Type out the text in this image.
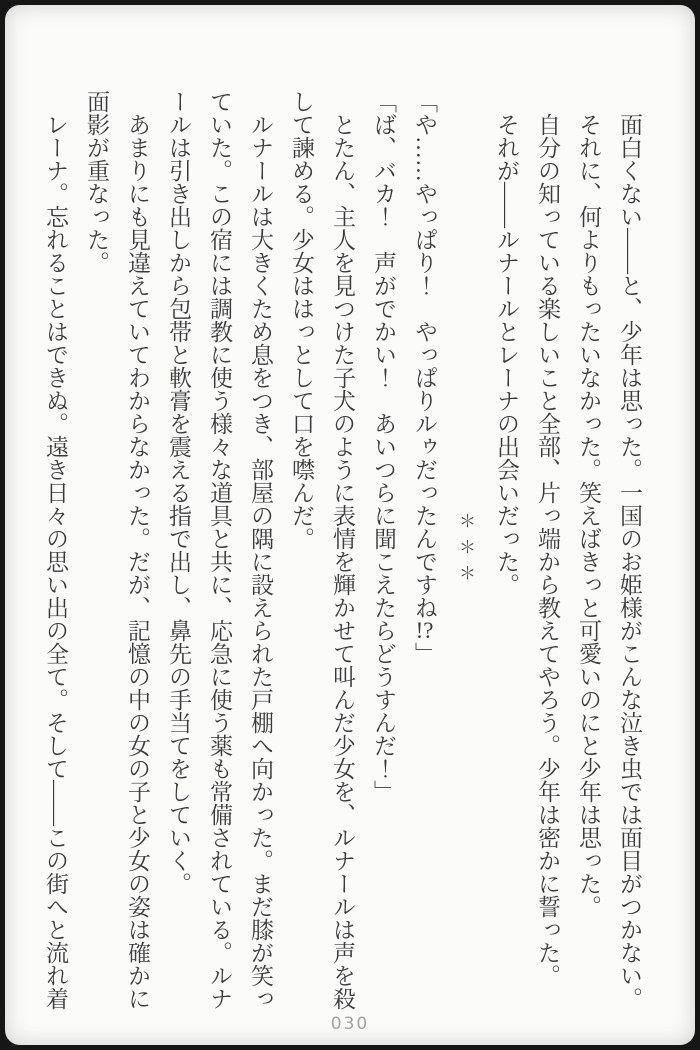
面白くない――と、少年は思った。一国のお姫様がこんな泣き虫では面目がつかない。
それに、何よりもったいなかった。笑えばきっと可愛いのにと少年は思った。
自分の知っている楽しいこと全部、片っ端から教えてやろう。少年は密かに誓った。
それが――ルナールとレーナの出会いだった。
＊＊＊
「や……やっぱり！　やっぱりルゥだったんですね!?」
「ば、バカ！　声がでかい！　あいつらに聞こえたらどうすんだ！」
とたん、主人を見つけた子犬のように表情を輝かせて叫んだ少女を、ルナールは声を殺
して諫める。少女ははっとして口を噤んだ。
ルナールは大きくため息をつき、部屋の隅に設えられた戸棚へ向かった。まだ膝が笑っ
ていた。この宿には調教に使う様々な道具と共に、応急に使う薬も常備されている。ルナ
ールは引き出しから包帯と軟膏を震える指で出し、鼻先の手当てをしていく。
あまりにも見違えていてわからなかった。だが、記憶の中の女の子と少女の姿は確かに
面影が重なった。
レーナ。忘れることはできぬ。遠き日々の思い出の全て。そして――この街へと流れ着
030
